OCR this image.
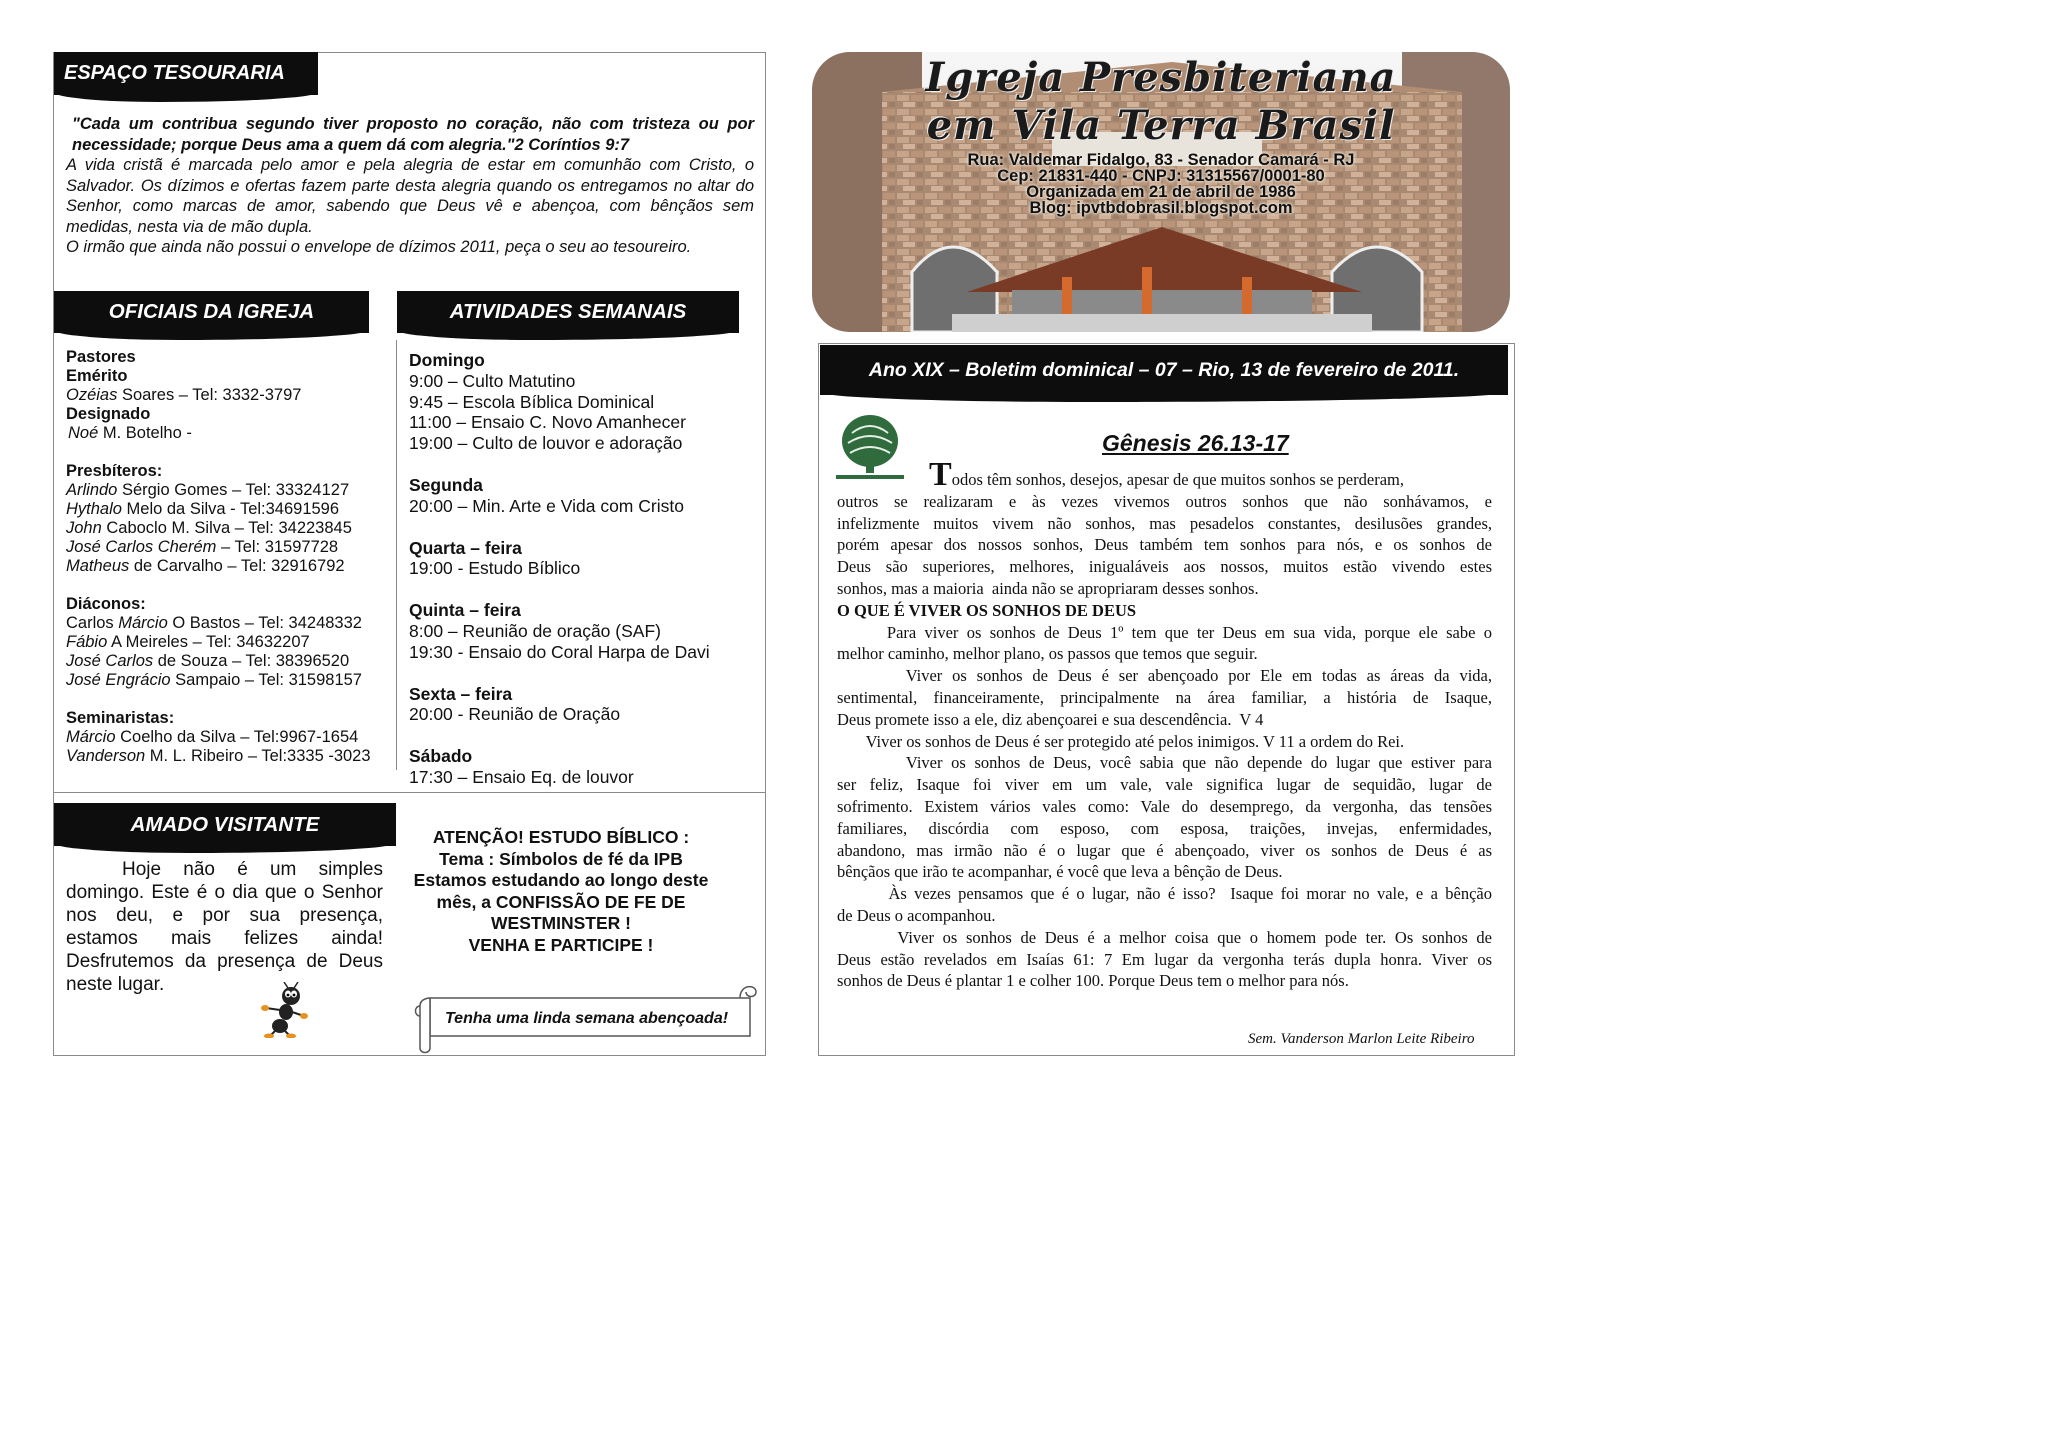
ESPAÇO TESOURARIA
"Cada um contribua segundo tiver proposto no coração, não com tristeza ou por necessidade; porque Deus ama a quem dá com alegria."2 Coríntios 9:7
A vida cristã é marcada pelo amor e pela alegria de estar em comunhão com Cristo, o Salvador. Os dízimos e ofertas fazem parte desta alegria quando os entregamos no altar do Senhor, como marcas de amor, sabendo que Deus vê e abençoa, com bênçãos sem medidas, nesta via de mão dupla.
O irmão que ainda não possui o envelope de dízimos 2011, peça o seu ao tesoureiro.
OFICIAIS DA IGREJA
Pastores
Emérito
Ozéias Soares – Tel: 3332-3797
Designado
Noé M. Botelho -
Presbíteros:
Arlindo Sérgio Gomes – Tel: 33324127
Hythalo Melo da Silva - Tel:34691596
John Caboclo M. Silva – Tel: 34223845
José Carlos Cherém – Tel: 31597728
Matheus de Carvalho – Tel: 32916792
Diáconos:
Carlos Márcio O Bastos – Tel: 34248332
Fábio A Meireles – Tel: 34632207
José Carlos de Souza – Tel: 38396520
José Engrácio Sampaio – Tel: 31598157
Seminaristas:
Márcio Coelho da Silva – Tel:9967-1654
Vanderson M. L. Ribeiro – Tel:3335 -3023
ATIVIDADES SEMANAIS
Domingo
9:00 – Culto Matutino
9:45 – Escola Bíblica Dominical
11:00 – Ensaio C. Novo Amanhecer
19:00 – Culto de louvor e adoração
Segunda
20:00 – Min. Arte e Vida com Cristo
Quarta – feira
19:00 - Estudo Bíblico
Quinta – feira
8:00 – Reunião de oração (SAF)
19:30 - Ensaio do Coral Harpa de Davi
Sexta – feira
20:00 - Reunião de Oração
Sábado
17:30 – Ensaio Eq. de louvor
AMADO VISITANTE
Hoje não é um simples domingo. Este é o dia que o Senhor nos deu, e por sua presença, estamos mais felizes ainda! Desfrutemos da presença de Deus neste lugar.
ATENÇÃO! ESTUDO BÍBLICO :
Tema : Símbolos de fé da IPB
Estamos estudando ao longo deste
mês, a CONFISSÃO DE FE DE
WESTMINSTER !
VENHA E PARTICIPE !
Tenha uma linda semana abençoada!
Igreja Presbiteriana
em Vila Terra Brasil
Rua: Valdemar Fidalgo, 83 - Senador Camará - RJ
Cep: 21831-440 - CNPJ: 31315567/0001-80
Organizada em 21 de abril de 1986
Blog: ipvtbdobrasil.blogspot.com
Ano XIX – Boletim dominical – 07 – Rio, 13 de fevereiro de 2011.
Gênesis 26.13-17
Todos têm sonhos, desejos, apesar de que muitos sonhos se perderam,
outros se realizaram e às vezes vivemos outros sonhos que não sonhávamos, e
infelizmente muitos vivem não sonhos, mas pesadelos constantes, desilusões grandes,
porém apesar dos nossos sonhos, Deus também tem sonhos para nós, e os sonhos de
Deus são superiores, melhores, inigualáveis aos nossos, muitos estão vivendo estes
sonhos, mas a maioria  ainda não se apropriaram desses sonhos.
O QUE É VIVER OS SONHOS DE DEUS
Para viver os sonhos de Deus 1º tem que ter Deus em sua vida, porque ele sabe o
melhor caminho, melhor plano, os passos que temos que seguir.
Viver os sonhos de Deus é ser abençoado por Ele em todas as áreas da vida,
sentimental, financeiramente, principalmente na área familiar, a história de Isaque,
Deus promete isso a ele, diz abençoarei e sua descendência.  V 4
Viver os sonhos de Deus é ser protegido até pelos inimigos. V 11 a ordem do Rei.
Viver os sonhos de Deus, você sabia que não depende do lugar que estiver para
ser feliz, Isaque foi viver em um vale, vale significa lugar de sequidão, lugar de
sofrimento. Existem vários vales como: Vale do desemprego, da vergonha, das tensões
familiares, discórdia com esposo, com esposa, traições, invejas, enfermidades,
abandono, mas irmão não é o lugar que é abençoado, viver os sonhos de Deus é as
bênçãos que irão te acompanhar, é você que leva a bênção de Deus.
Às vezes pensamos que é o lugar, não é isso?  Isaque foi morar no vale, e a bênção
de Deus o acompanhou.
Viver os sonhos de Deus é a melhor coisa que o homem pode ter. Os sonhos de
Deus estão revelados em Isaías 61: 7 Em lugar da vergonha terás dupla honra. Viver os
sonhos de Deus é plantar 1 e colher 100. Porque Deus tem o melhor para nós.
Sem. Vanderson Marlon Leite Ribeiro
